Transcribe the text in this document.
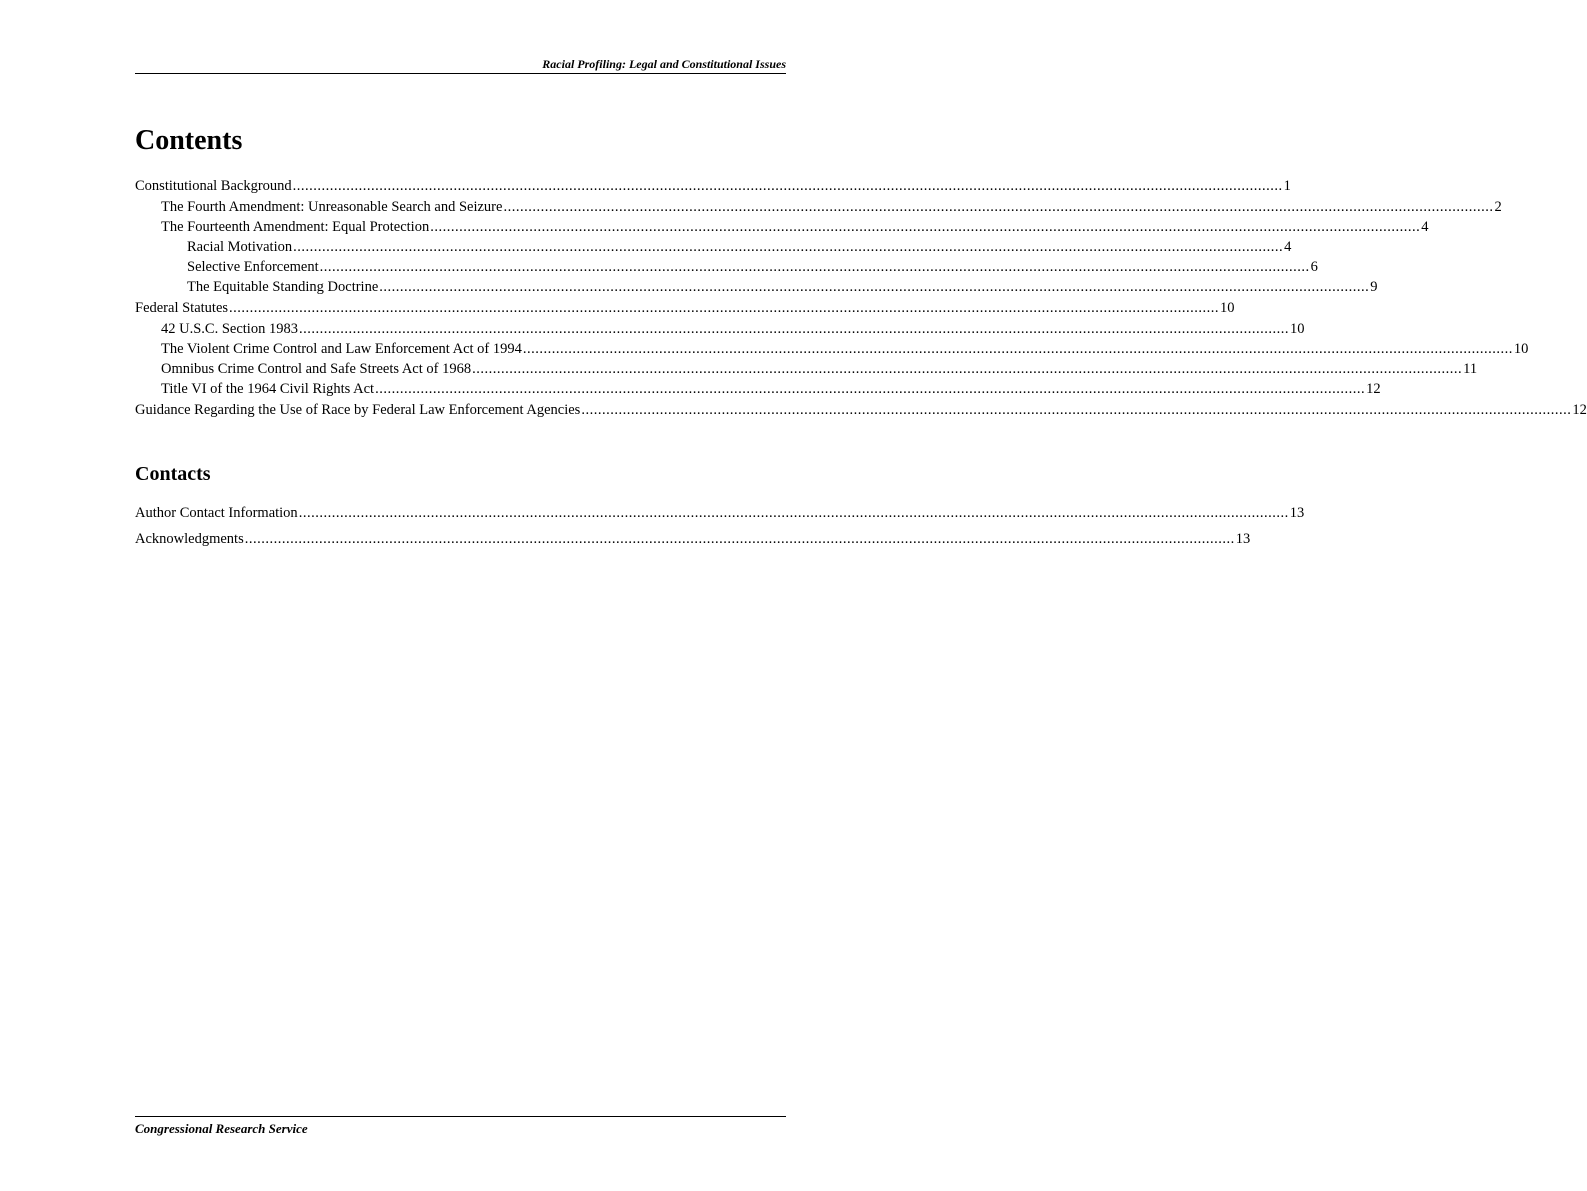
Racial Profiling: Legal and Constitutional Issues
Contents
Constitutional Background ................................................................................................................................................................................................................................................ 1
The Fourth Amendment: Unreasonable Search and Seizure ................................................................................................................................................................................................................................................ 2
The Fourteenth Amendment: Equal Protection ................................................................................................................................................................................................................................................ 4
Racial Motivation ................................................................................................................................................................................................................................................ 4
Selective Enforcement ................................................................................................................................................................................................................................................ 6
The Equitable Standing Doctrine ................................................................................................................................................................................................................................................ 9
Federal Statutes ................................................................................................................................................................................................................................................ 10
42 U.S.C. Section 1983 ................................................................................................................................................................................................................................................ 10
The Violent Crime Control and Law Enforcement Act of 1994 ................................................................................................................................................................................................................................................ 10
Omnibus Crime Control and Safe Streets Act of 1968 ................................................................................................................................................................................................................................................ 11
Title VI of the 1964 Civil Rights Act ................................................................................................................................................................................................................................................ 12
Guidance Regarding the Use of Race by Federal Law Enforcement Agencies ................................................................................................................................................................................................................................................ 12
Contacts
Author Contact Information ................................................................................................................................................................................................................................................ 13
Acknowledgments ................................................................................................................................................................................................................................................ 13
Congressional Research Service
